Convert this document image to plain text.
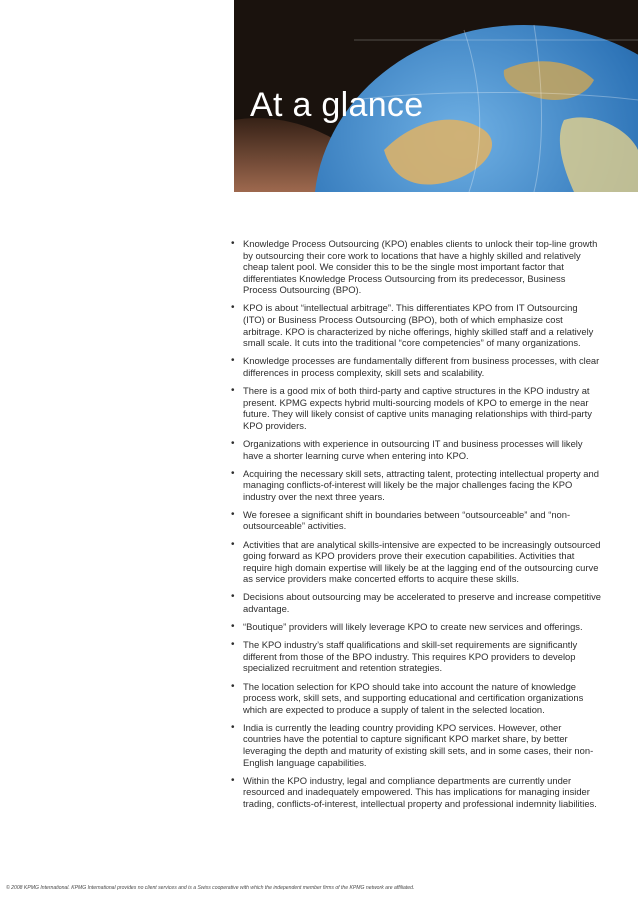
At a glance
• Knowledge Process Outsourcing (KPO) enables clients to unlock their top-line growth by outsourcing their core work to locations that have a highly skilled and relatively cheap talent pool. We consider this to be the single most important factor that differentiates Knowledge Process Outsourcing from its predecessor, Business Process Outsourcing (BPO).
• KPO is about “intellectual arbitrage”. This differentiates KPO from IT Outsourcing (ITO) or Business Process Outsourcing (BPO), both of which emphasize cost arbitrage. KPO is characterized by niche offerings, highly skilled staff and a relatively small scale. It cuts into the traditional “core competencies” of many organizations.
• Knowledge processes are fundamentally different from business processes, with clear differences in process complexity, skill sets and scalability.
• There is a good mix of both third-party and captive structures in the KPO industry at present. KPMG expects hybrid multi-sourcing models of KPO to emerge in the near future. They will likely consist of captive units managing relationships with third-party KPO providers.
• Organizations with experience in outsourcing IT and business processes will likely have a shorter learning curve when entering into KPO.
• Acquiring the necessary skill sets, attracting talent, protecting intellectual property and managing conflicts-of-interest will likely be the major challenges facing the KPO industry over the next three years.
• We foresee a significant shift in boundaries between “outsourceable” and “non-outsourceable” activities.
• Activities that are analytical skills-intensive are expected to be increasingly outsourced going forward as KPO providers prove their execution capabilities. Activities that require high domain expertise will likely be at the lagging end of the outsourcing curve as service providers make concerted efforts to acquire these skills.
• Decisions about outsourcing may be accelerated to preserve and increase competitive advantage.
• “Boutique” providers will likely leverage KPO to create new services and offerings.
• The KPO industry’s staff qualifications and skill-set requirements are significantly different from those of the BPO industry. This requires KPO providers to develop specialized recruitment and retention strategies.
• The location selection for KPO should take into account the nature of knowledge process work, skill sets, and supporting educational and certification organizations which are expected to produce a supply of talent in the selected location.
• India is currently the leading country providing KPO services. However, other countries have the potential to capture significant KPO market share, by better leveraging the depth and maturity of existing skill sets, and in some cases, their non-English language capabilities.
• Within the KPO industry, legal and compliance departments are currently under resourced and inadequately empowered. This has implications for managing insider trading, conflicts-of-interest, intellectual property and professional indemnity liabilities.
© 2008 KPMG International. KPMG International provides no client services and is a Swiss cooperative with which the independent member firms of the KPMG network are affiliated.
